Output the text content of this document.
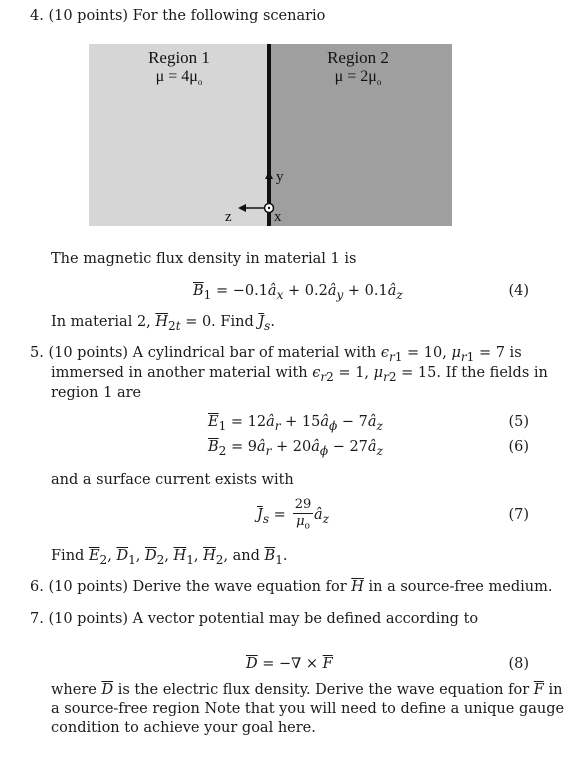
4. (10 points) For the following scenario
Region 1
$\mu = 4\mu_o$
Region 2
$\mu = 2\mu_o$
y
z	x
The magnetic flux density in material 1 is
$\overline{B}_1$ = $-0.1â_x$ + $0.2â_y$ + $0.1â_z$	(4)
In material 2, $\overline{H}_{2t} = 0$. Find $\overline{J}_s$.
5. (10 points) A cylindrical bar of material with $\epsilon_{r1} = 10$, $\mu_{r1} = 7$ is
immersed in another material with $\epsilon_{r2} = 1$, $\mu_{r2} = 15$. If the fields in
region 1 are
$\overline{E}_1$ = $12â_r$ + $15â_\phi$ − $7â_z$	(5)
$\overline{B}_2$ = $9â_r$ + $20â_\phi$ − $27â_z$	(6)
and a surface current exists with
$\overline{J}_s$ =
29
$\mu_o$
$â_z$	(7)
Find $\overline{E}_2$, $\overline{D}_1$, $\overline{D}_2$, $\overline{H}_1$, $\overline{H}_2$, and $\overline{B}_1$.
6. (10 points) Derive the wave equation for $\overline{H}$ in a source-free medium.
7. (10 points) A vector potential may be defined according to
$\overline{D}$ = −∇ × $\overline{F}$	(8)
where $\overline{D}$ is the electric flux density. Derive the wave equation for $\overline{F}$ in
a source-free region Note that you will need to define a unique gauge
condition to achieve your goal here.
